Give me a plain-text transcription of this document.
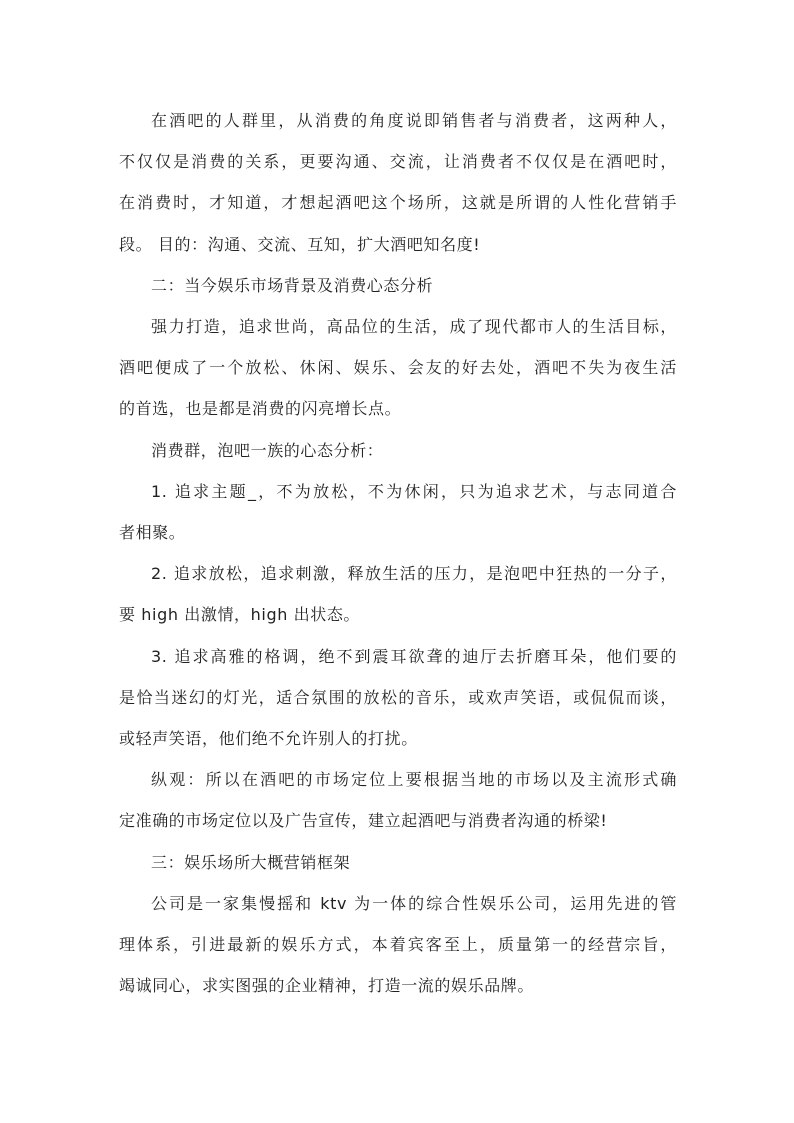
在酒吧的人群里，从消费的角度说即销售者与消费者，这两种人，
不仅仅是消费的关系，更要沟通、交流，让消费者不仅仅是在酒吧时，
在消费时，才知道，才想起酒吧这个场所，这就是所谓的人性化营销手
段。 目的：沟通、交流、互知，扩大酒吧知名度!

二：当今娱乐市场背景及消费心态分析

强力打造，追求世尚，高品位的生活，成了现代都市人的生活目标，
酒吧便成了一个放松、休闲、娱乐、会友的好去处，酒吧不失为夜生活
的首选，也是都是消费的闪亮增长点。

消费群，泡吧一族的心态分析：

1. 追求主题_，不为放松，不为休闲，只为追求艺术，与志同道合
者相聚。

2. 追求放松，追求刺激，释放生活的压力，是泡吧中狂热的一分子，
要 high 出激情，high 出状态。

3. 追求高雅的格调，绝不到震耳欲聋的迪厅去折磨耳朵，他们要的
是恰当迷幻的灯光，适合氛围的放松的音乐，或欢声笑语，或侃侃而谈，
或轻声笑语，他们绝不允许别人的打扰。

纵观：所以在酒吧的市场定位上要根据当地的市场以及主流形式确
定准确的市场定位以及广告宣传，建立起酒吧与消费者沟通的桥梁!

三：娱乐场所大概营销框架

公司是一家集慢摇和 ktv 为一体的综合性娱乐公司，运用先进的管
理体系，引进最新的娱乐方式，本着宾客至上，质量第一的经营宗旨，
竭诚同心，求实图强的企业精神，打造一流的娱乐品牌。
